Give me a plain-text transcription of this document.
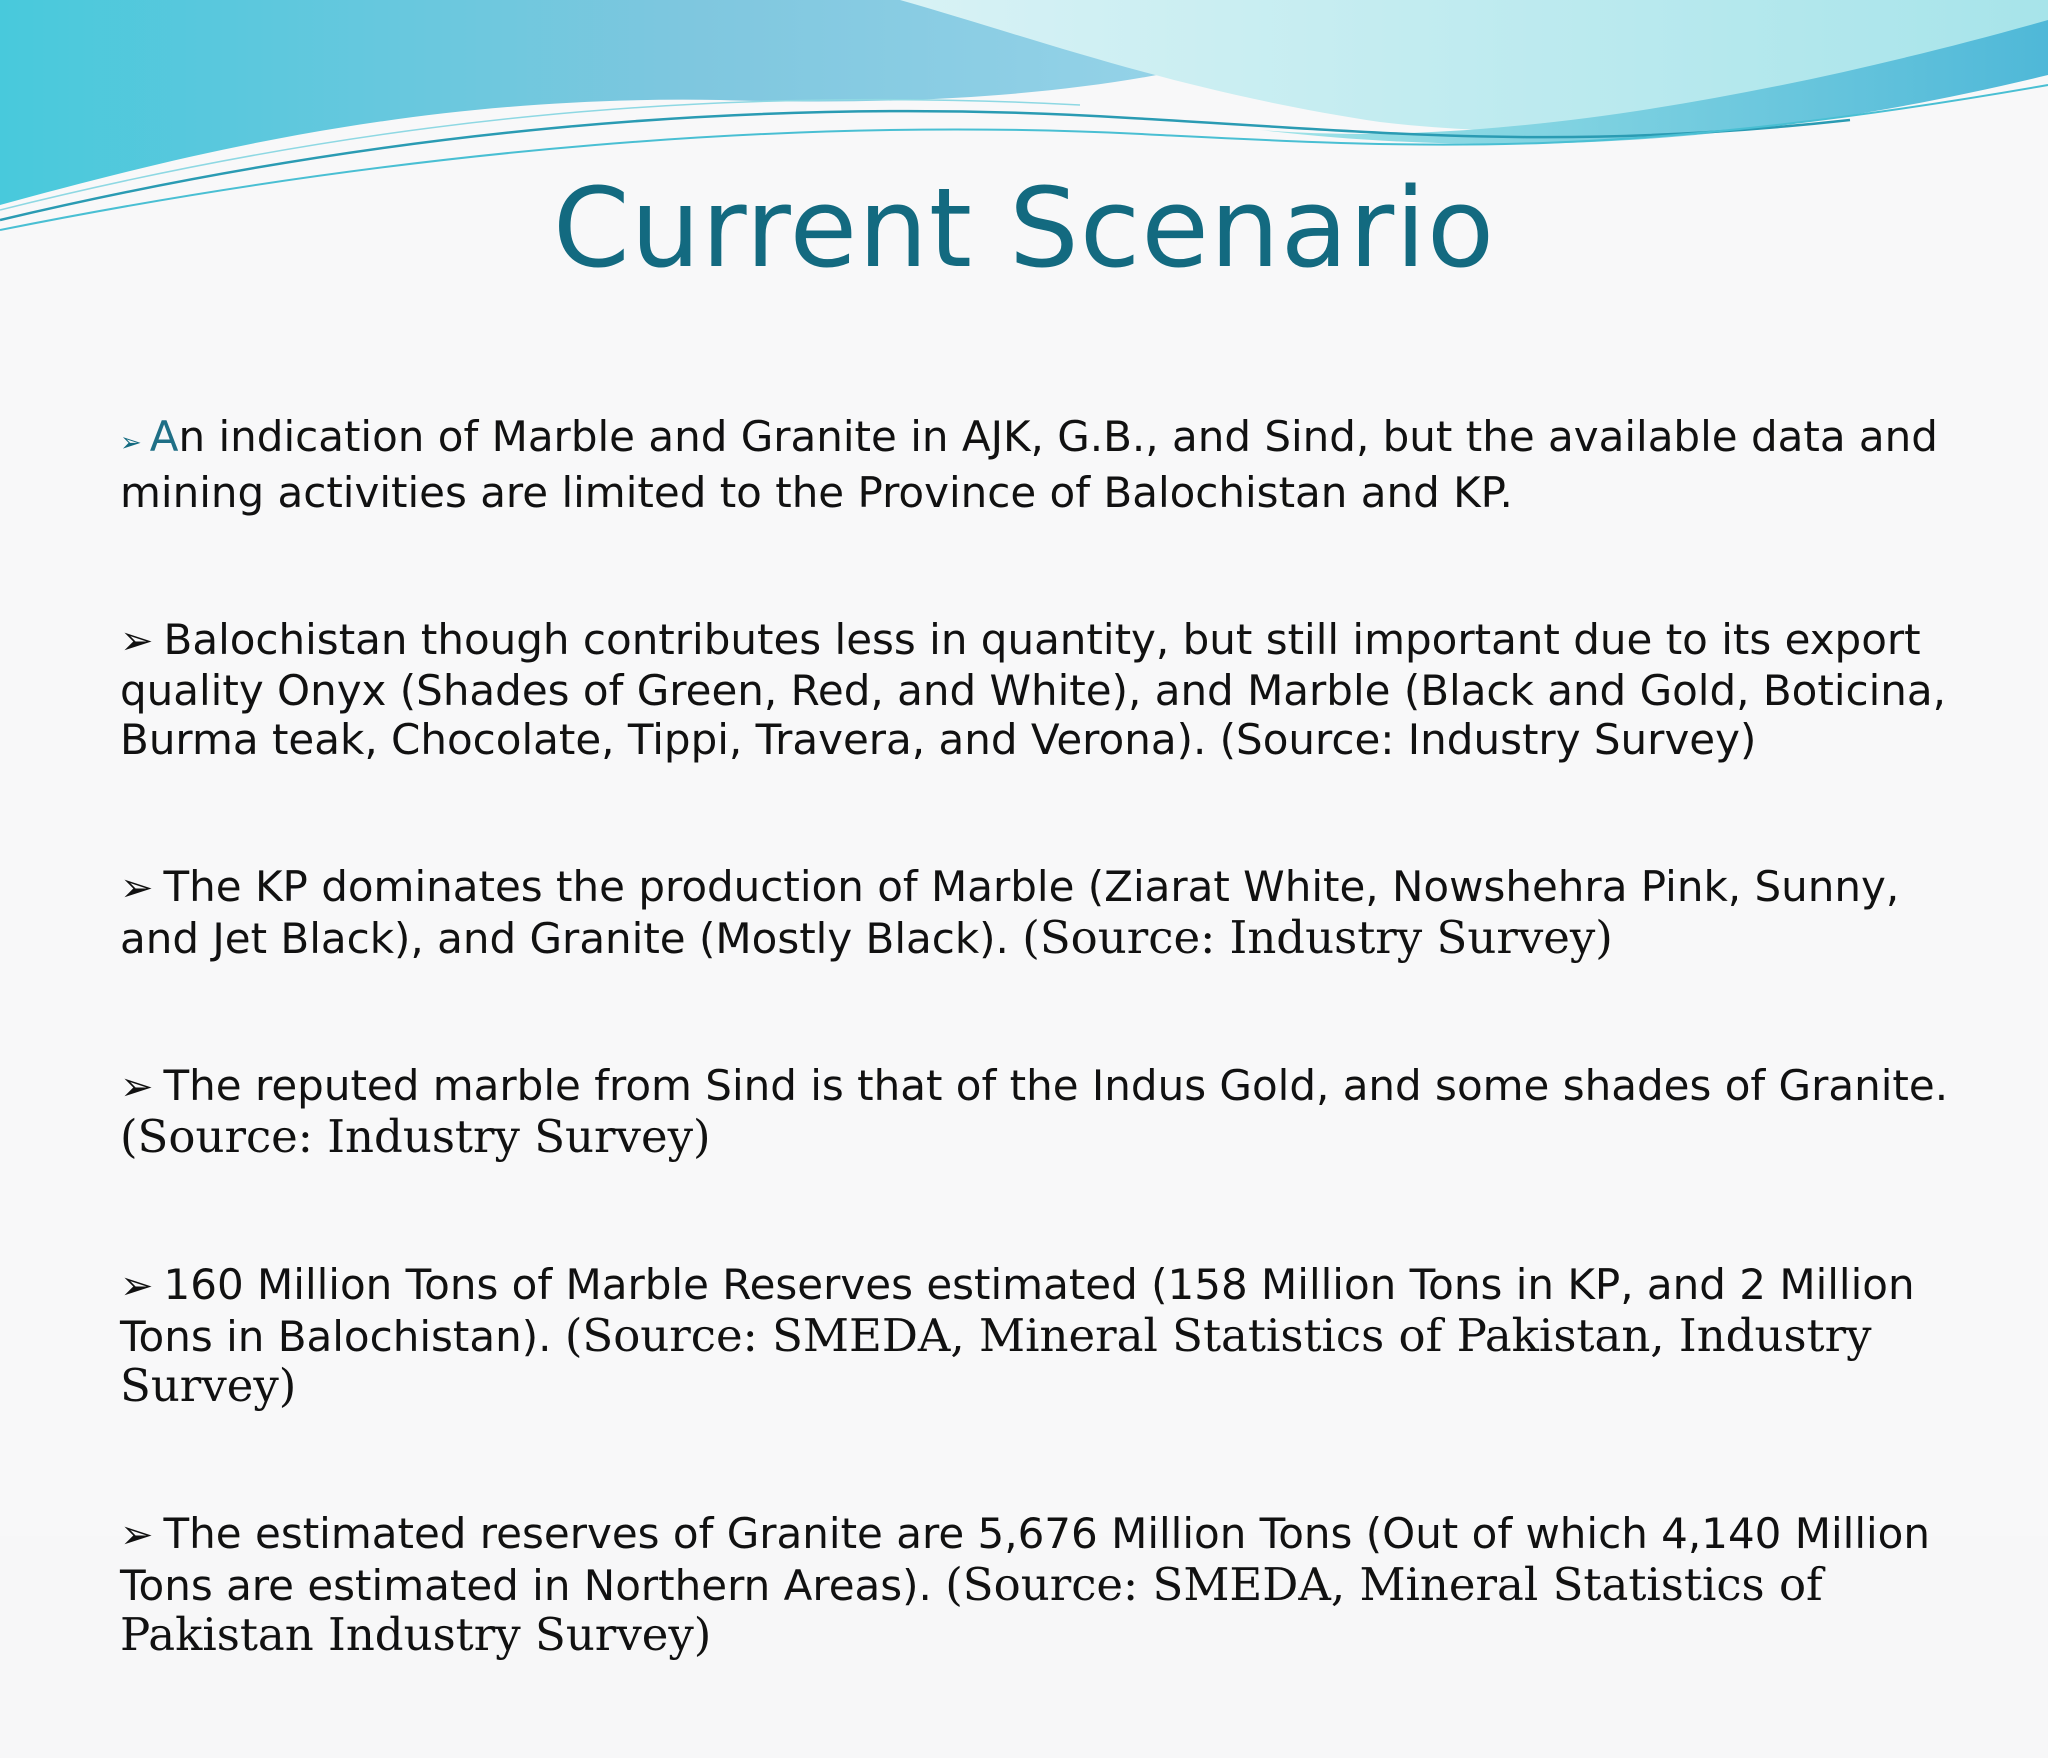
Current Scenario
➢ An indication of Marble and Granite in AJK, G.B., and Sind, but the available data and mining activities are limited to the Province of Balochistan and KP.
➢ Balochistan though contributes less in quantity, but still important due to its export quality Onyx (Shades of Green, Red, and White), and Marble (Black and Gold, Boticina, Burma teak, Chocolate, Tippi, Travera, and Verona). (Source: Industry Survey)
➢ The KP dominates the production of Marble (Ziarat White, Nowshehra Pink, Sunny, and Jet Black), and Granite (Mostly Black). (Source: Industry Survey)
➢ The reputed marble from Sind is that of the Indus Gold, and some shades of Granite. (Source: Industry Survey)
➢ 160 Million Tons of Marble Reserves estimated (158 Million Tons in KP, and 2 Million Tons in Balochistan). (Source: SMEDA, Mineral Statistics of Pakistan, Industry Survey)
➢ The estimated reserves of Granite are 5,676 Million Tons (Out of which 4,140 Million Tons are estimated in Northern Areas). (Source: SMEDA, Mineral Statistics of Pakistan Industry Survey)
